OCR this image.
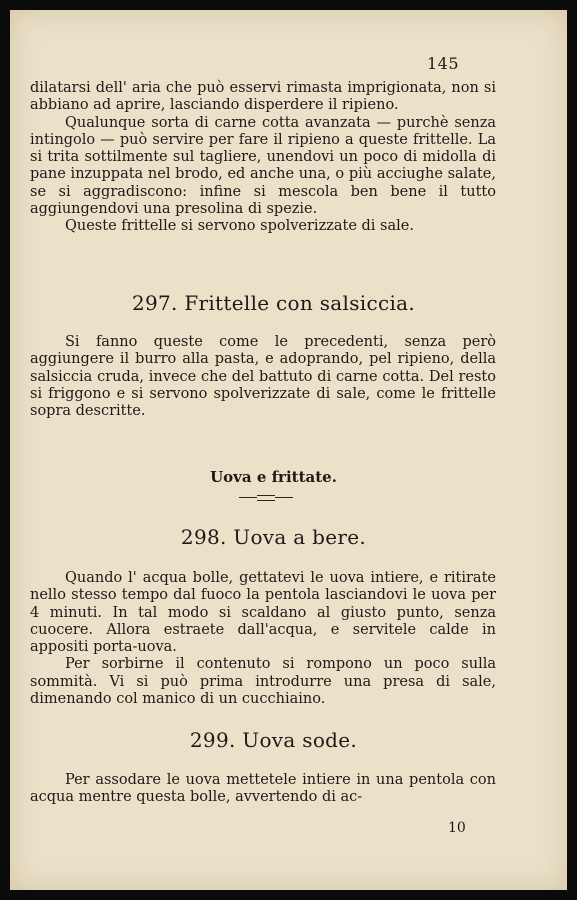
145

dilatarsi dell' aria che può esservi rimasta imprigionata, non si abbiano ad aprire, lasciando disperdere il ripieno.

Qualunque sorta di carne cotta avanzata — purchè senza intingolo — può servire per fare il ripieno a queste frittelle. La si trita sottilmente sul tagliere, unendovi un poco di midolla di pane inzuppata nel brodo, ed anche una, o più acciughe salate, se si aggradiscono: infine si mescola ben bene il tutto aggiungendovi una presolina di spezie.

Queste frittelle si servono spolverizzate di sale.

297. Frittelle con salsiccia.

Si fanno queste come le precedenti, senza però aggiungere il burro alla pasta, e adoprando, pel ripieno, della salsiccia cruda, invece che del battuto di carne cotta. Del resto si friggono e si servono spolverizzate di sale, come le frittelle sopra descritte.

Uova e frittate.
298. Uova a bere.

Quando l' acqua bolle, gettatevi le uova intiere, e ritirate nello stesso tempo dal fuoco la pentola lasciandovi le uova per 4 minuti. In tal modo si scaldano al giusto punto, senza cuocere. Allora estraete dall'acqua, e servitele calde in appositi porta-uova.

Per sorbirne il contenuto si rompono un poco sulla sommità. Vi si può prima introdurre una presa di sale, dimenando col manico di un cucchiaino.

299. Uova sode.

Per assodare le uova mettetele intiere in una pentola con acqua mentre questa bolle, avvertendo di ac-

10
